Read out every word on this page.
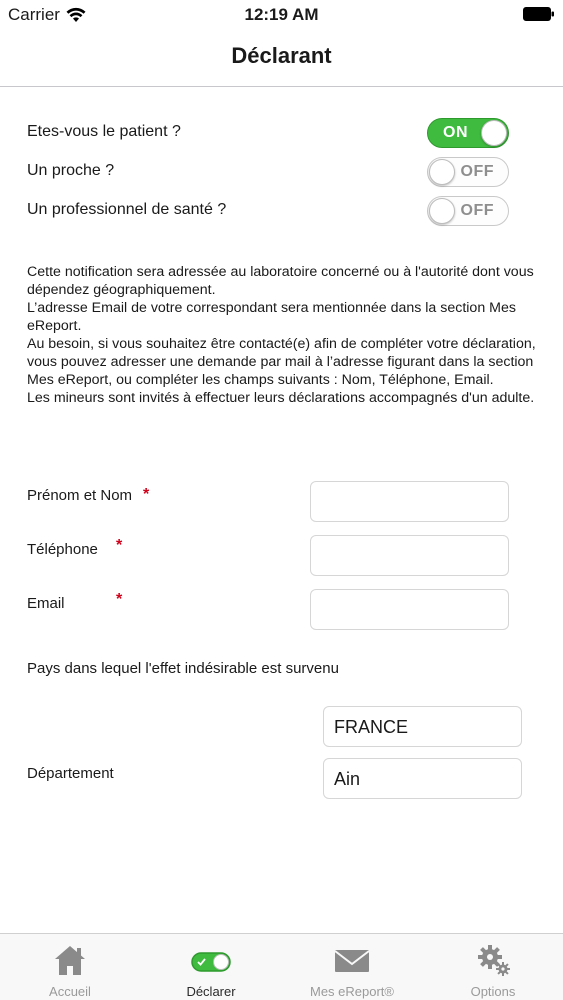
Carrier	12:19 AM
Déclarant
Etes-vous le patient ?	ON
Un proche ?	OFF
Un professionnel de santé ?	OFF

Cette notification sera adressée au laboratoire concerné ou à l'autorité dont vous dépendez géographiquement.

L’adresse Email de votre correspondant sera mentionnée dans la section Mes eReport.

Au besoin, si vous souhaitez être contacté(e) afin de compléter votre déclaration, vous pouvez adresser une demande par mail à l’adresse figurant dans la section Mes eReport, ou compléter les champs suivants : Nom, Téléphone, Email.

Les mineurs sont invités à effectuer leurs déclarations accompagnés d'un adulte.

Prénom et Nom *
Téléphone *
Email	*
Pays dans lequel l'effet indésirable est survenu
FRANCE
Département	Ain
Accueil	Déclarer	Mes eReport®	Options
